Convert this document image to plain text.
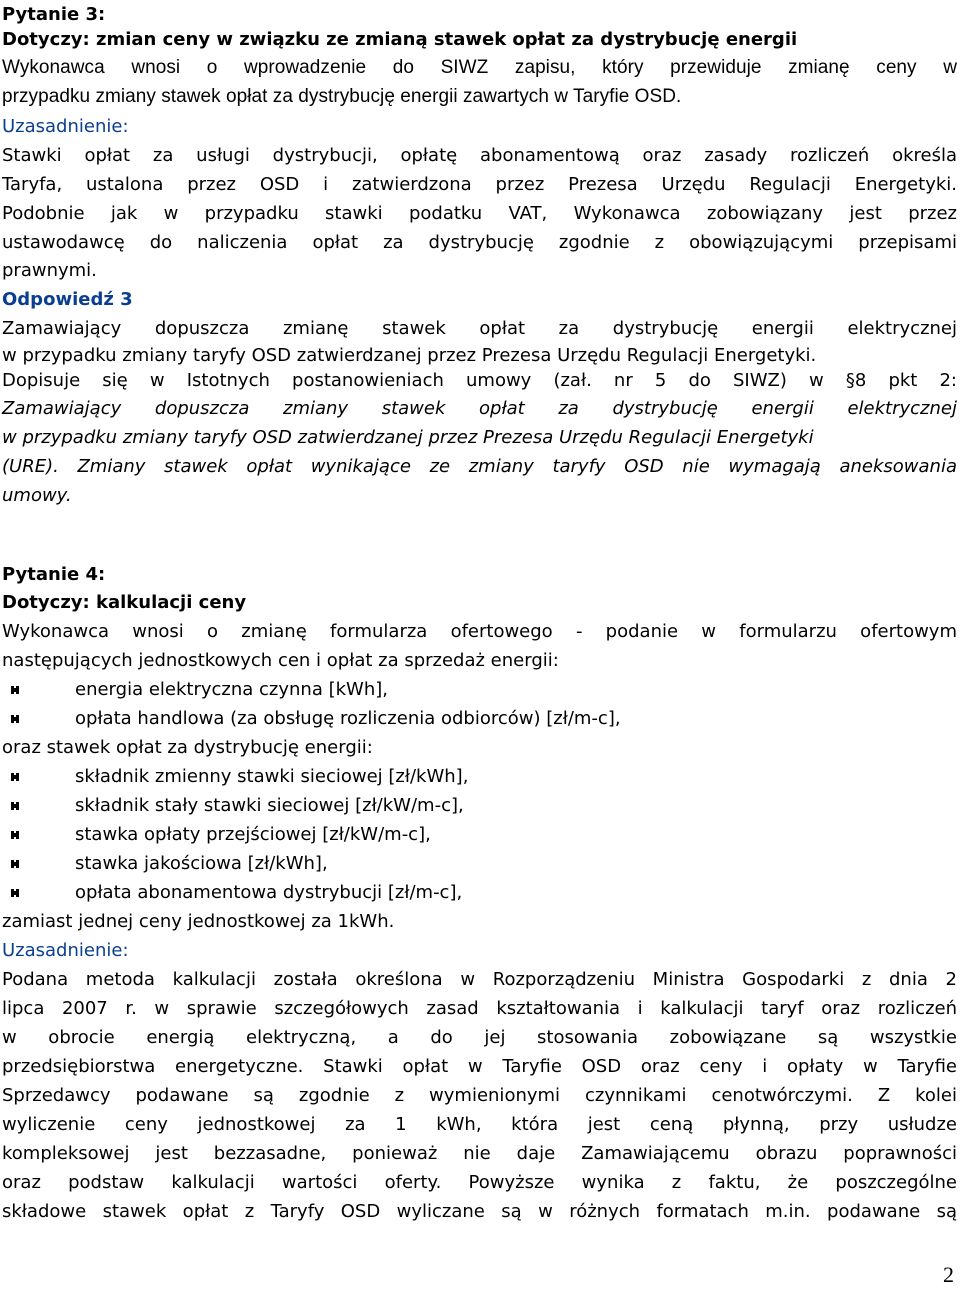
Pytanie 3:
Dotyczy: zmian ceny w związku ze zmianą stawek opłat za dystrybucję energii
Wykonawca wnosi o wprowadzenie do SIWZ zapisu, który przewiduje zmianę ceny w
przypadku zmiany stawek opłat za dystrybucję energii zawartych w Taryfie OSD.
Uzasadnienie:
Stawki opłat za usługi dystrybucji, opłatę abonamentową oraz zasady rozliczeń określa
Taryfa, ustalona przez OSD i zatwierdzona przez Prezesa Urzędu Regulacji Energetyki.
Podobnie jak w przypadku stawki podatku VAT, Wykonawca zobowiązany jest przez
ustawodawcę do naliczenia opłat za dystrybucję zgodnie z obowiązującymi przepisami
prawnymi.
Odpowiedź 3
Zamawiający dopuszcza zmianę stawek opłat za dystrybucję energii elektrycznej
w przypadku zmiany taryfy OSD zatwierdzanej przez Prezesa Urzędu Regulacji Energetyki.
Dopisuje się w Istotnych postanowieniach umowy (zał. nr 5 do SIWZ) w §8 pkt 2:
Zamawiający dopuszcza zmiany stawek opłat za dystrybucję energii elektrycznej
w przypadku zmiany taryfy OSD zatwierdzanej przez Prezesa Urzędu Regulacji Energetyki
(URE). Zmiany stawek opłat wynikające ze zmiany taryfy OSD nie wymagają aneksowania
umowy.
Pytanie 4:
Dotyczy: kalkulacji ceny
Wykonawca wnosi o zmianę formularza ofertowego - podanie w formularzu ofertowym
następujących jednostkowych cen i opłat za sprzedaż energii:
energia elektryczna czynna [kWh],
opłata handlowa (za obsługę rozliczenia odbiorców) [zł/m-c],
oraz stawek opłat za dystrybucję energii:
składnik zmienny stawki sieciowej [zł/kWh],
składnik stały stawki sieciowej [zł/kW/m-c],
stawka opłaty przejściowej [zł/kW/m-c],
stawka jakościowa [zł/kWh],
opłata abonamentowa dystrybucji [zł/m-c],
zamiast jednej ceny jednostkowej za 1kWh.
Uzasadnienie:
Podana metoda kalkulacji została określona w Rozporządzeniu Ministra Gospodarki z dnia 2
lipca 2007 r. w sprawie szczegółowych zasad kształtowania i kalkulacji taryf oraz rozliczeń
w obrocie energią elektryczną, a do jej stosowania zobowiązane są wszystkie
przedsiębiorstwa energetyczne. Stawki opłat w Taryfie OSD oraz ceny i opłaty w Taryfie
Sprzedawcy podawane są zgodnie z wymienionymi czynnikami cenotwórczymi. Z kolei
wyliczenie ceny jednostkowej za 1 kWh, która jest ceną płynną, przy usłudze
kompleksowej jest bezzasadne, ponieważ nie daje Zamawiającemu obrazu poprawności
oraz podstaw kalkulacji wartości oferty. Powyższe wynika z faktu, że poszczególne
składowe stawek opłat z Taryfy OSD wyliczane są w różnych formatach m.in. podawane są
2
